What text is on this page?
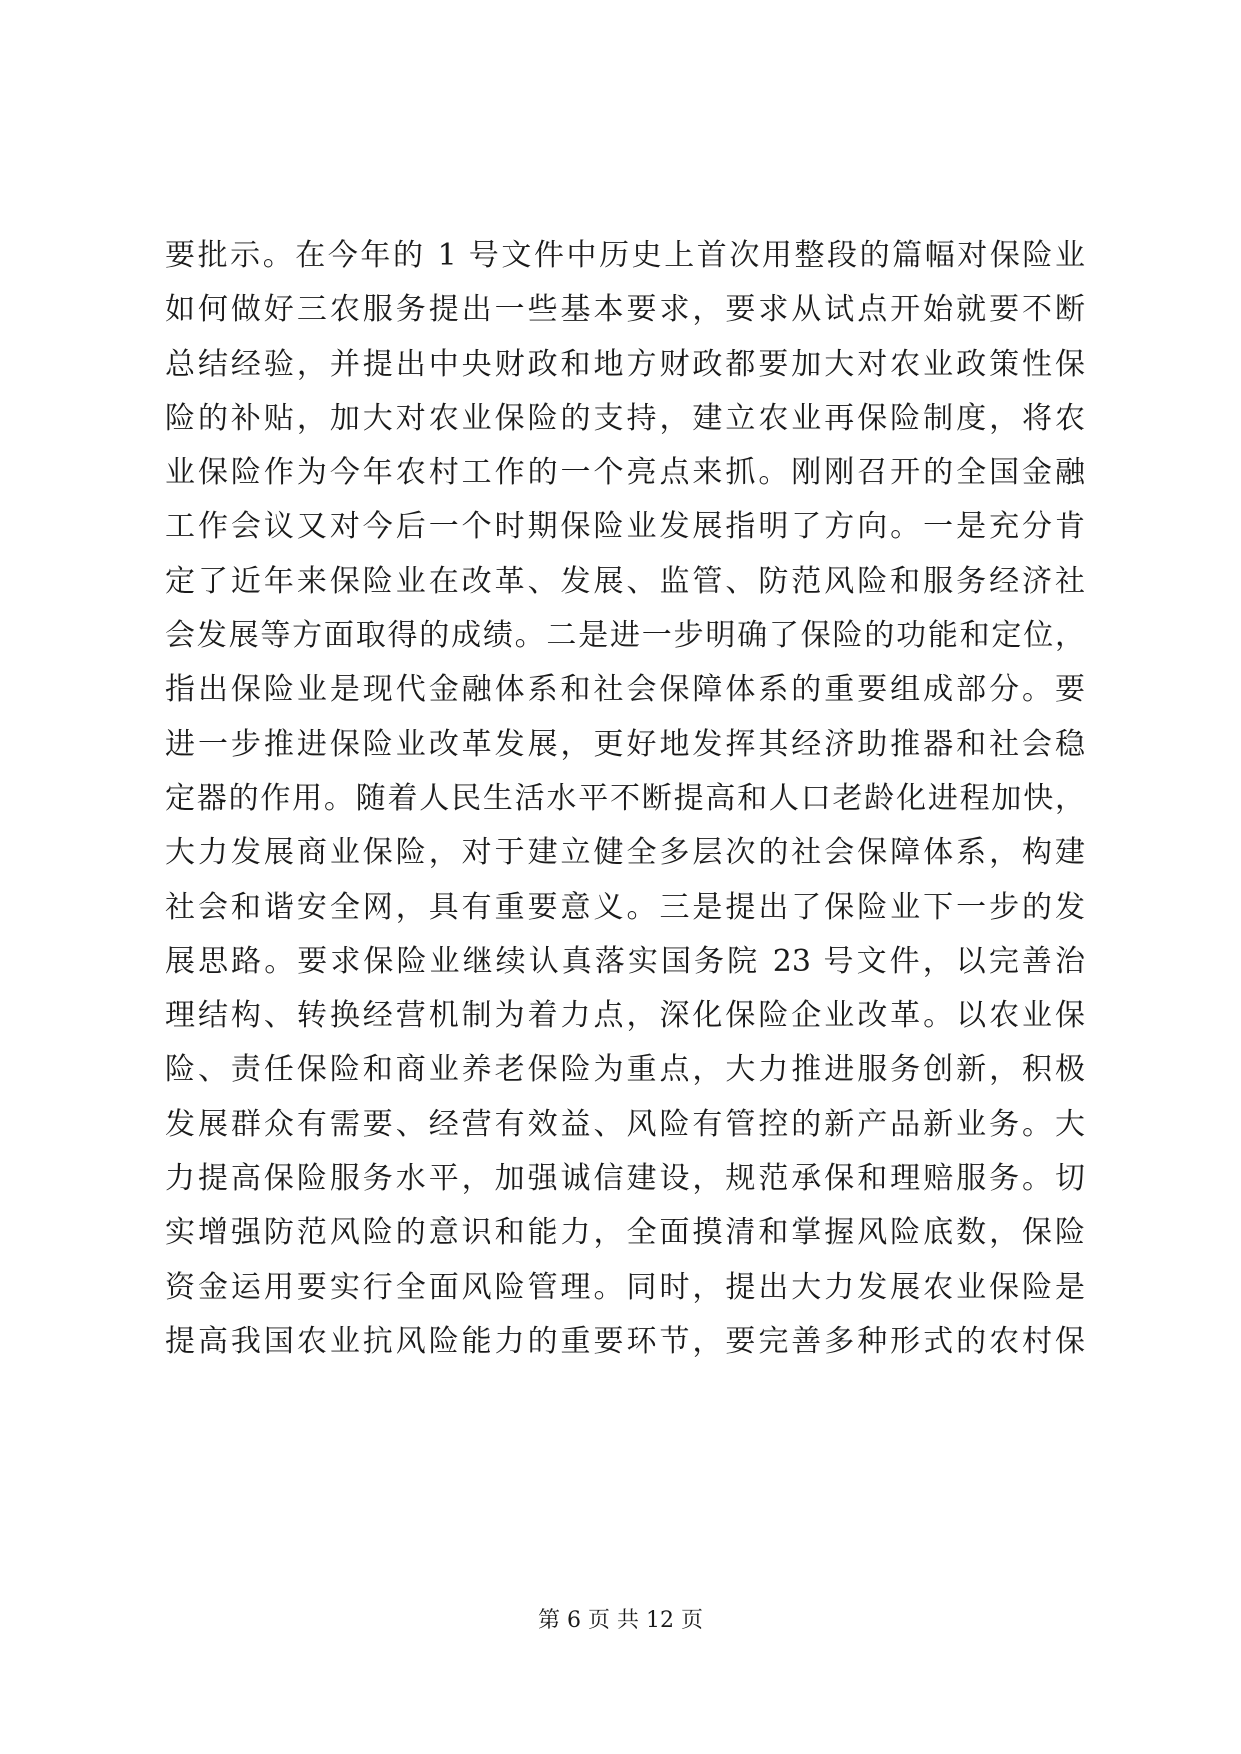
要批示。在今年的 1 号文件中历史上首次用整段的篇幅对保险业
如何做好三农服务提出一些基本要求，要求从试点开始就要不断
总结经验，并提出中央财政和地方财政都要加大对农业政策性保
险的补贴，加大对农业保险的支持，建立农业再保险制度，将农
业保险作为今年农村工作的一个亮点来抓。刚刚召开的全国金融
工作会议又对今后一个时期保险业发展指明了方向。一是充分肯
定了近年来保险业在改革、发展、监管、防范风险和服务经济社
会发展等方面取得的成绩。二是进一步明确了保险的功能和定位，
指出保险业是现代金融体系和社会保障体系的重要组成部分。要
进一步推进保险业改革发展，更好地发挥其经济助推器和社会稳
定器的作用。随着人民生活水平不断提高和人口老龄化进程加快，
大力发展商业保险，对于建立健全多层次的社会保障体系，构建
社会和谐安全网，具有重要意义。三是提出了保险业下一步的发
展思路。要求保险业继续认真落实国务院 23 号文件，以完善治
理结构、转换经营机制为着力点，深化保险企业改革。以农业保
险、责任保险和商业养老保险为重点，大力推进服务创新，积极
发展群众有需要、经营有效益、风险有管控的新产品新业务。大
力提高保险服务水平，加强诚信建设，规范承保和理赔服务。切
实增强防范风险的意识和能力，全面摸清和掌握风险底数，保险
资金运用要实行全面风险管理。同时，提出大力发展农业保险是
提高我国农业抗风险能力的重要环节，要完善多种形式的农村保
第 6 页 共 12 页
